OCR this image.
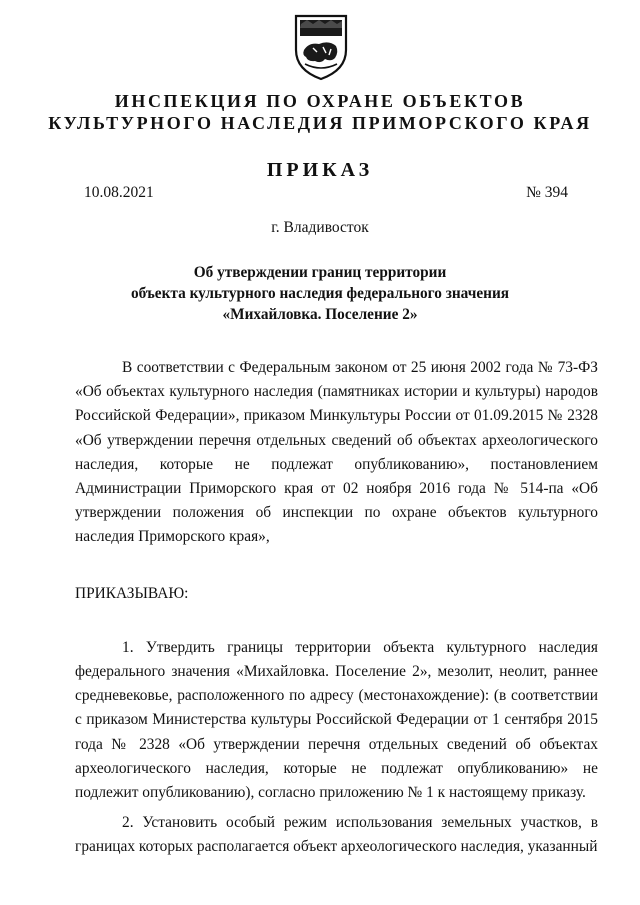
ИНСПЕКЦИЯ ПО ОХРАНЕ ОБЪЕКТОВ
КУЛЬТУРНОГО НАСЛЕДИЯ ПРИМОРСКОГО КРАЯ
ПРИКАЗ
10.08.2021	№ 394
г. Владивосток
Об утверждении границ территории
объекта культурного наследия федерального значения
«Михайловка. Поселение 2»

В соответствии с Федеральным законом от 25 июня 2002 года № 73-ФЗ «Об объектах культурного наследия (памятниках истории и культуры) народов Российской Федерации», приказом Минкультуры России от 01.09.2015 № 2328 «Об утверждении перечня отдельных сведений об объектах археологического наследия, которые не подлежат опубликованию», постановлением Администрации Приморского края от 02 ноября 2016 года № 514-па «Об утверждении положения об инспекции по охране объектов культурного наследия Приморского края»,

ПРИКАЗЫВАЮ:

1. Утвердить границы территории объекта культурного наследия федерального значения «Михайловка. Поселение 2», мезолит, неолит, раннее средневековье, расположенного по адресу (местонахождение): (в соответствии с приказом Министерства культуры Российской Федерации от 1 сентября 2015 года № 2328 «Об утверждении перечня отдельных сведений об объектах археологического наследия, которые не подлежат опубликованию» не подлежит опубликованию), согласно приложению № 1 к настоящему приказу.

2. Установить особый режим использования земельных участков, в границах которых располагается объект археологического наследия, указанный
